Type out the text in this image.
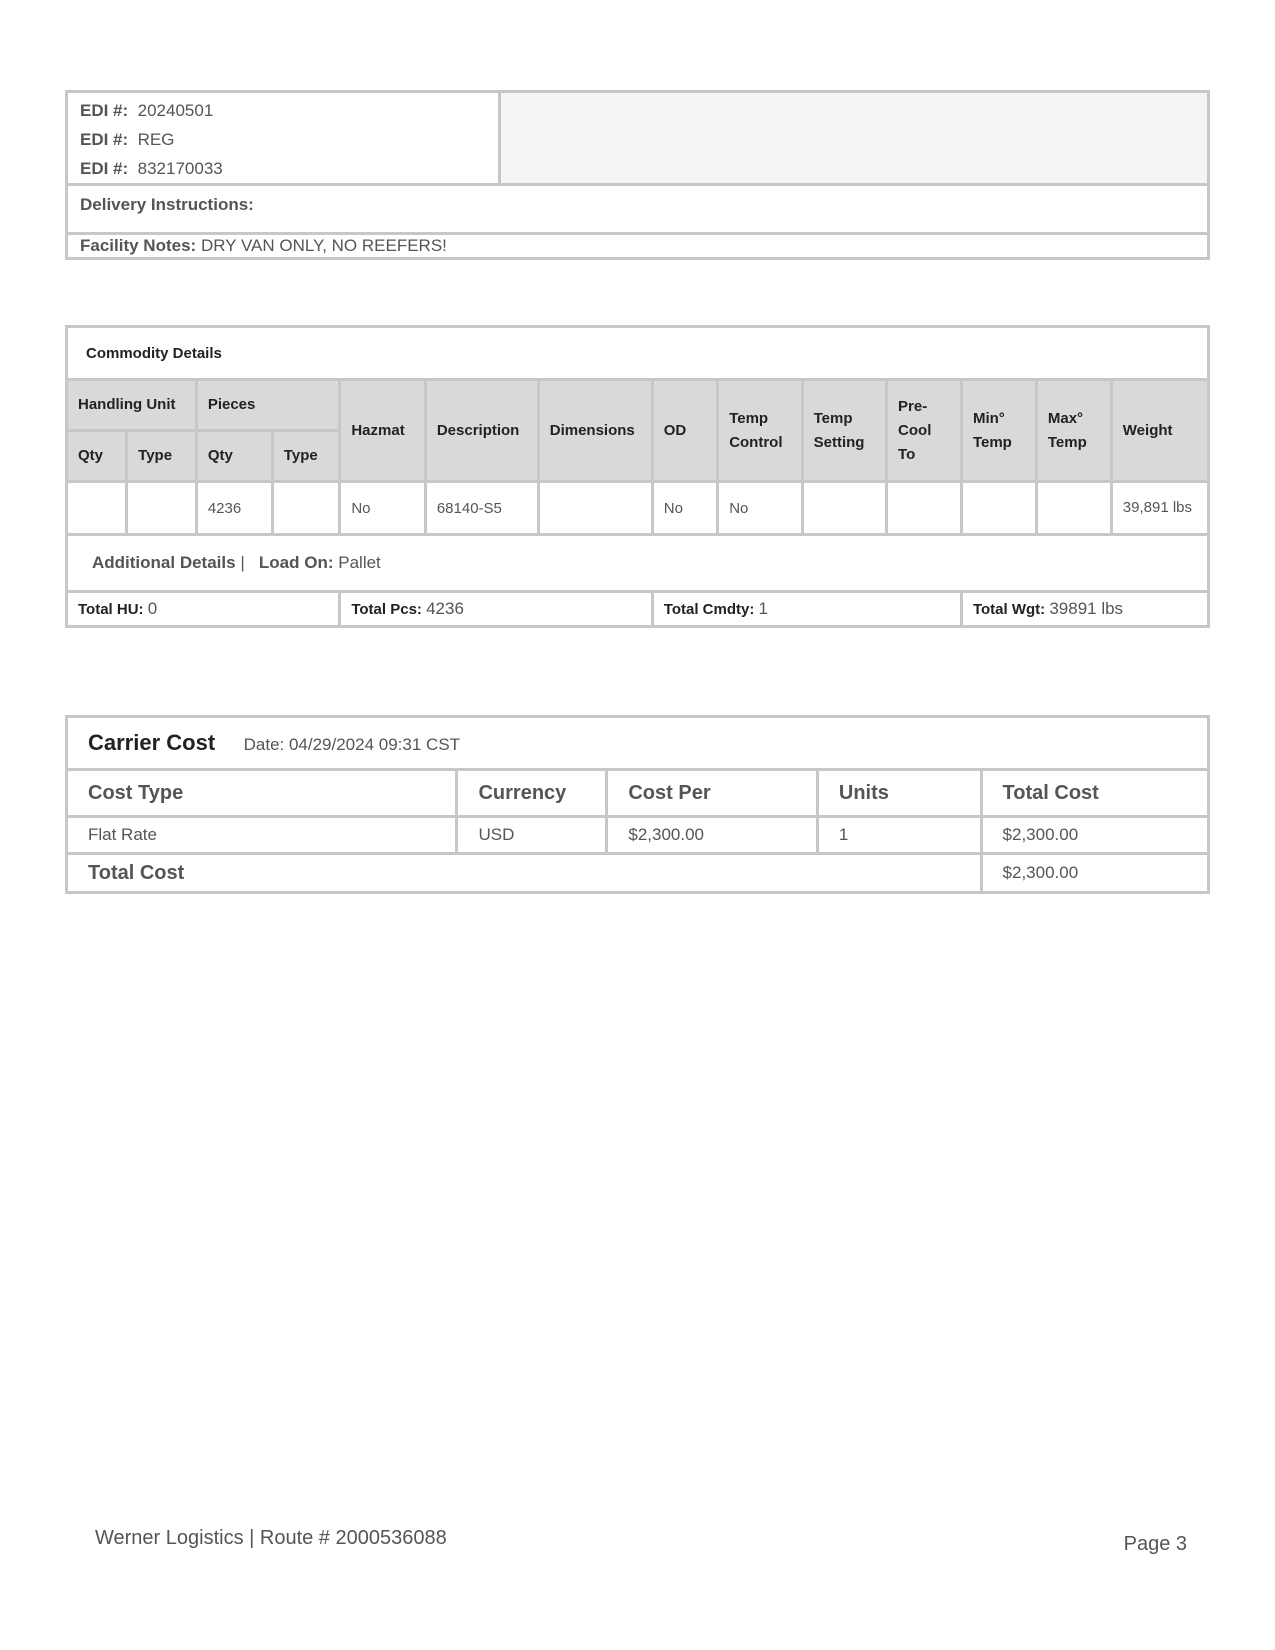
EDI #: 20240501
EDI #: REG
EDI #: 832170033

Delivery Instructions:
Facility Notes: DRY VAN ONLY, NO REEFERS!
Commodity Details													
Handling Unit		Pieces		Hazmat	Description	Dimensions	OD	Temp Control	Temp Setting	Pre-Cool To	Min° Temp	Max° Temp	Weight
Qty	Type	Qty	Type										
		4236		No	68140-S5		No	No					39,891 lbs
Additional Details | Load On: Pallet													
Total HU: 0				Total Pcs: 4236			Total Cmdty: 1				Total Wgt: 39891 lbs		
Carrier Cost Date: 04/29/2024 09:31 CST				
Cost Type	Currency	Cost Per	Units	Total Cost
Flat Rate	USD	$2,300.00	1	$2,300.00
Total Cost				$2,300.00
Werner Logistics | Route # 2000536088	Page 3
